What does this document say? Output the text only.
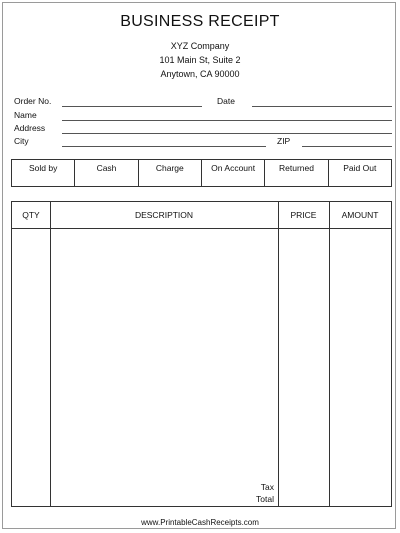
BUSINESS RECEIPT
XYZ Company
101 Main St, Suite 2
Anytown, CA 90000
Order No.	Date
Name
Address
City	ZIP
Sold by	Cash	Charge	On Account	Returned	Paid Out
QTY	DESCRIPTION	PRICE	AMOUNT
Tax
Total
www.PrintableCashReceipts.com
